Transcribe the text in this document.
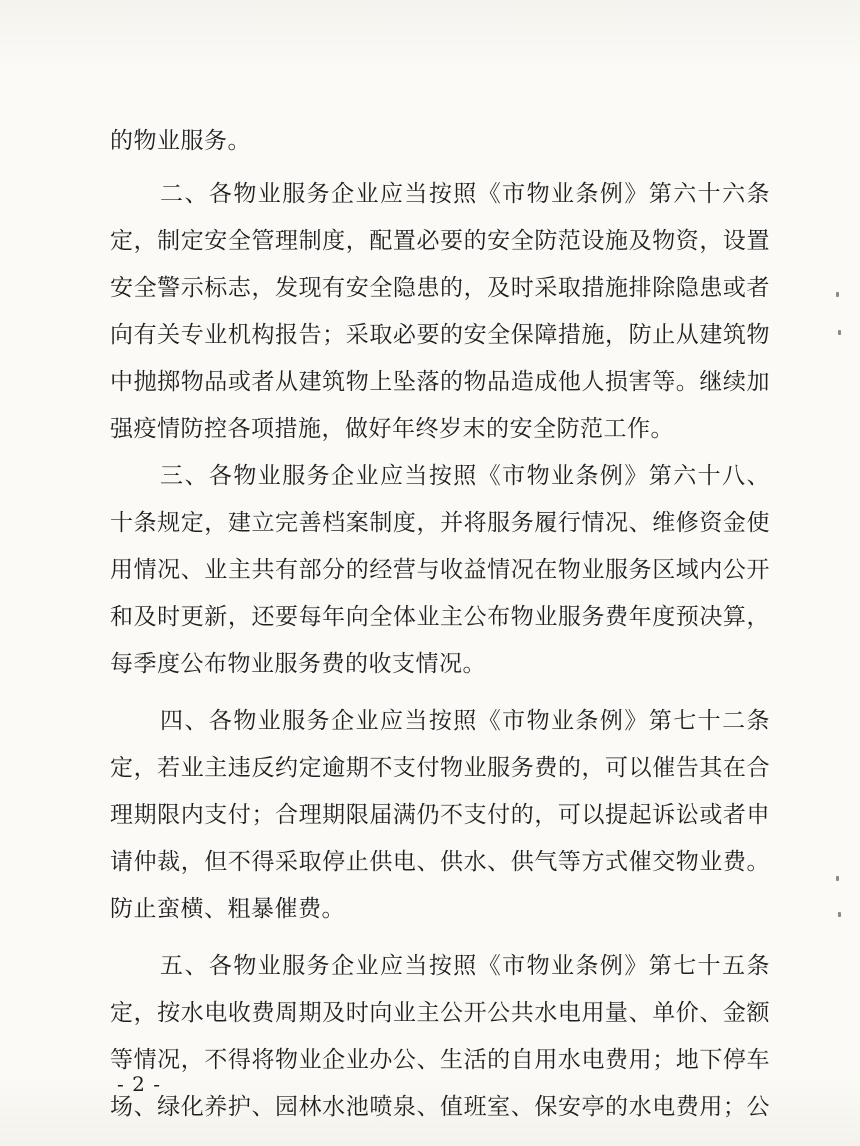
的物业服务。
二、各物业服务企业应当按照《市物业条例》第六十六条
定，制定安全管理制度，配置必要的安全防范设施及物资，设置
安全警示标志，发现有安全隐患的，及时采取措施排除隐患或者
向有关专业机构报告；采取必要的安全保障措施，防止从建筑物
中抛掷物品或者从建筑物上坠落的物品造成他人损害等。继续加
强疫情防控各项措施，做好年终岁末的安全防范工作。
三、各物业服务企业应当按照《市物业条例》第六十八、
十条规定，建立完善档案制度，并将服务履行情况、维修资金使
用情况、业主共有部分的经营与收益情况在物业服务区域内公开
和及时更新，还要每年向全体业主公布物业服务费年度预决算，
每季度公布物业服务费的收支情况。
四、各物业服务企业应当按照《市物业条例》第七十二条
定，若业主违反约定逾期不支付物业服务费的，可以催告其在合
理期限内支付；合理期限届满仍不支付的，可以提起诉讼或者申
请仲裁，但不得采取停止供电、供水、供气等方式催交物业费。
防止蛮横、粗暴催费。
五、各物业服务企业应当按照《市物业条例》第七十五条
定，按水电收费周期及时向业主公开公共水电用量、单价、金额
等情况，不得将物业企业办公、生活的自用水电费用；地下停车
场、绿化养护、园林水池喷泉、值班室、保安亭的水电费用；公
- 2 -
